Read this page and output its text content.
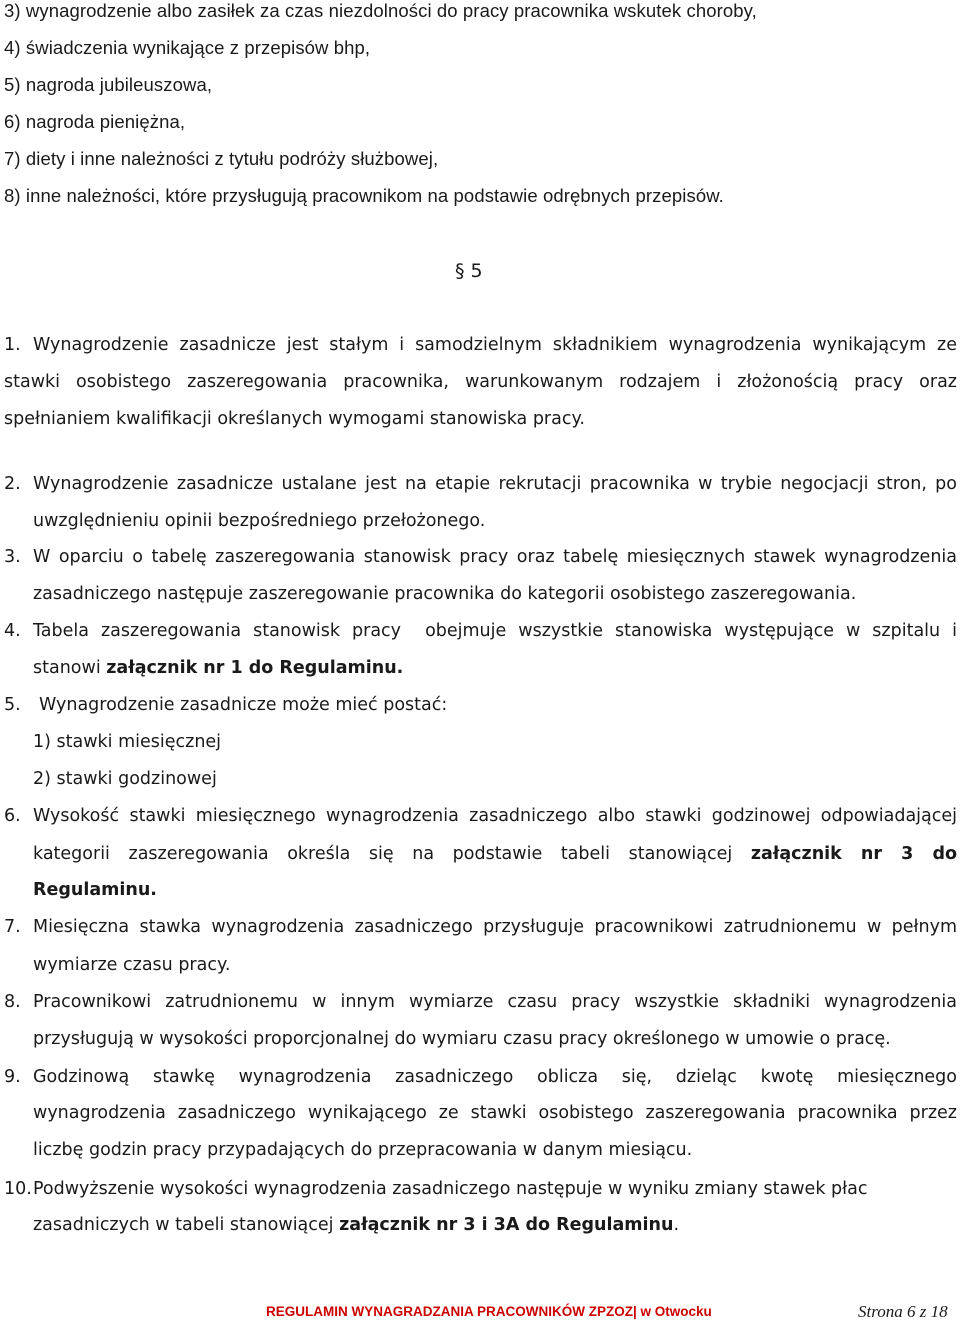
3) wynagrodzenie albo zasiłek za czas niezdolności do pracy pracownika wskutek choroby,
4) świadczenia wynikające z przepisów bhp,
5) nagroda jubileuszowa,
6) nagroda pieniężna,
7) diety i inne należności z tytułu podróży służbowej,
8) inne należności, które przysługują pracownikom na podstawie odrębnych przepisów.
§ 5
1. Wynagrodzenie zasadnicze jest stałym i samodzielnym składnikiem wynagrodzenia wynikającym ze
stawki osobistego zaszeregowania pracownika, warunkowanym rodzajem i złożonością pracy oraz
spełnianiem kwalifikacji określanych wymogami stanowiska pracy.
2. Wynagrodzenie zasadnicze ustalane jest na etapie rekrutacji pracownika w trybie negocjacji stron, po
uwzględnieniu opinii bezpośredniego przełożonego.
3. W oparciu o tabelę zaszeregowania stanowisk pracy oraz tabelę miesięcznych stawek wynagrodzenia
zasadniczego następuje zaszeregowanie pracownika do kategorii osobistego zaszeregowania.
4. Tabela zaszeregowania stanowisk pracy  obejmuje wszystkie stanowiska występujące w szpitalu i
stanowi załącznik nr 1 do Regulaminu.
5. Wynagrodzenie zasadnicze może mieć postać:
1) stawki miesięcznej
2) stawki godzinowej
6. Wysokość stawki miesięcznego wynagrodzenia zasadniczego albo stawki godzinowej odpowiadającej
kategorii zaszeregowania określa się na podstawie tabeli stanowiącej załącznik nr 3 do
Regulaminu.
7. Miesięczna stawka wynagrodzenia zasadniczego przysługuje pracownikowi zatrudnionemu w pełnym
wymiarze czasu pracy.
8. Pracownikowi zatrudnionemu w innym wymiarze czasu pracy wszystkie składniki wynagrodzenia
przysługują w wysokości proporcjonalnej do wymiaru czasu pracy określonego w umowie o pracę.
9. Godzinową stawkę wynagrodzenia zasadniczego oblicza się, dzieląc kwotę miesięcznego
wynagrodzenia zasadniczego wynikającego ze stawki osobistego zaszeregowania pracownika przez
liczbę godzin pracy przypadających do przepracowania w danym miesiącu.
10. Podwyższenie wysokości wynagrodzenia zasadniczego następuje w wyniku zmiany stawek płac
zasadniczych w tabeli stanowiącej załącznik nr 3 i 3A do Regulaminu.
REGULAMIN WYNAGRADZANIA PRACOWNIKÓW ZPZOZ| w Otwocku	Strona 6 z 18
